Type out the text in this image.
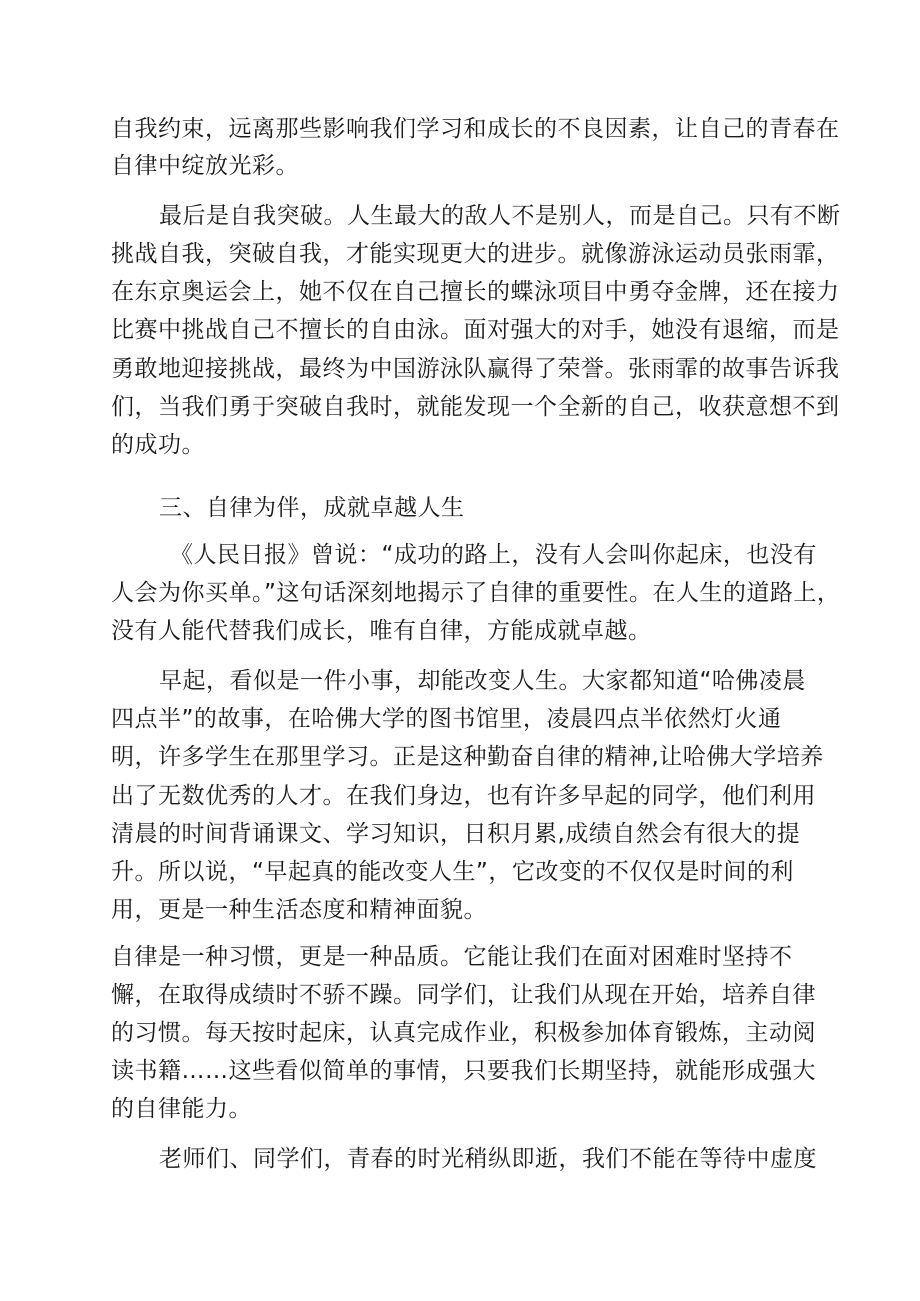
自我约束，远离那些影响我们学习和成长的不良因素，让自己的青春在
自律中绽放光彩。
最后是自我突破。人生最大的敌人不是别人，而是自己。只有不断
挑战自我，突破自我，才能实现更大的进步。就像游泳运动员张雨霏，
在东京奥运会上，她不仅在自己擅长的蝶泳项目中勇夺金牌，还在接力
比赛中挑战自己不擅长的自由泳。面对强大的对手，她没有退缩，而是
勇敢地迎接挑战，最终为中国游泳队赢得了荣誉。张雨霏的故事告诉我
们，当我们勇于突破自我时，就能发现一个全新的自己，收获意想不到
的成功。
三、自律为伴，成就卓越人生
《人民日报》曾说：“成功的路上，没有人会叫你起床，也没有
人会为你买单。”这句话深刻地揭示了自律的重要性。在人生的道路上，
没有人能代替我们成长，唯有自律，方能成就卓越。
早起，看似是一件小事，却能改变人生。大家都知道“哈佛凌晨
四点半”的故事，在哈佛大学的图书馆里，凌晨四点半依然灯火通
明，许多学生在那里学习。正是这种勤奋自律的精神,让哈佛大学培养
出了无数优秀的人才。在我们身边，也有许多早起的同学，他们利用
清晨的时间背诵课文、学习知识，日积月累,成绩自然会有很大的提
升。所以说，“早起真的能改变人生”，它改变的不仅仅是时间的利
用，更是一种生活态度和精神面貌。
自律是一种习惯，更是一种品质。它能让我们在面对困难时坚持不
懈，在取得成绩时不骄不躁。同学们，让我们从现在开始，培养自律
的习惯。每天按时起床，认真完成作业，积极参加体育锻炼，主动阅
读书籍……这些看似简单的事情，只要我们长期坚持，就能形成强大
的自律能力。
老师们、同学们，青春的时光稍纵即逝，我们不能在等待中虚度
